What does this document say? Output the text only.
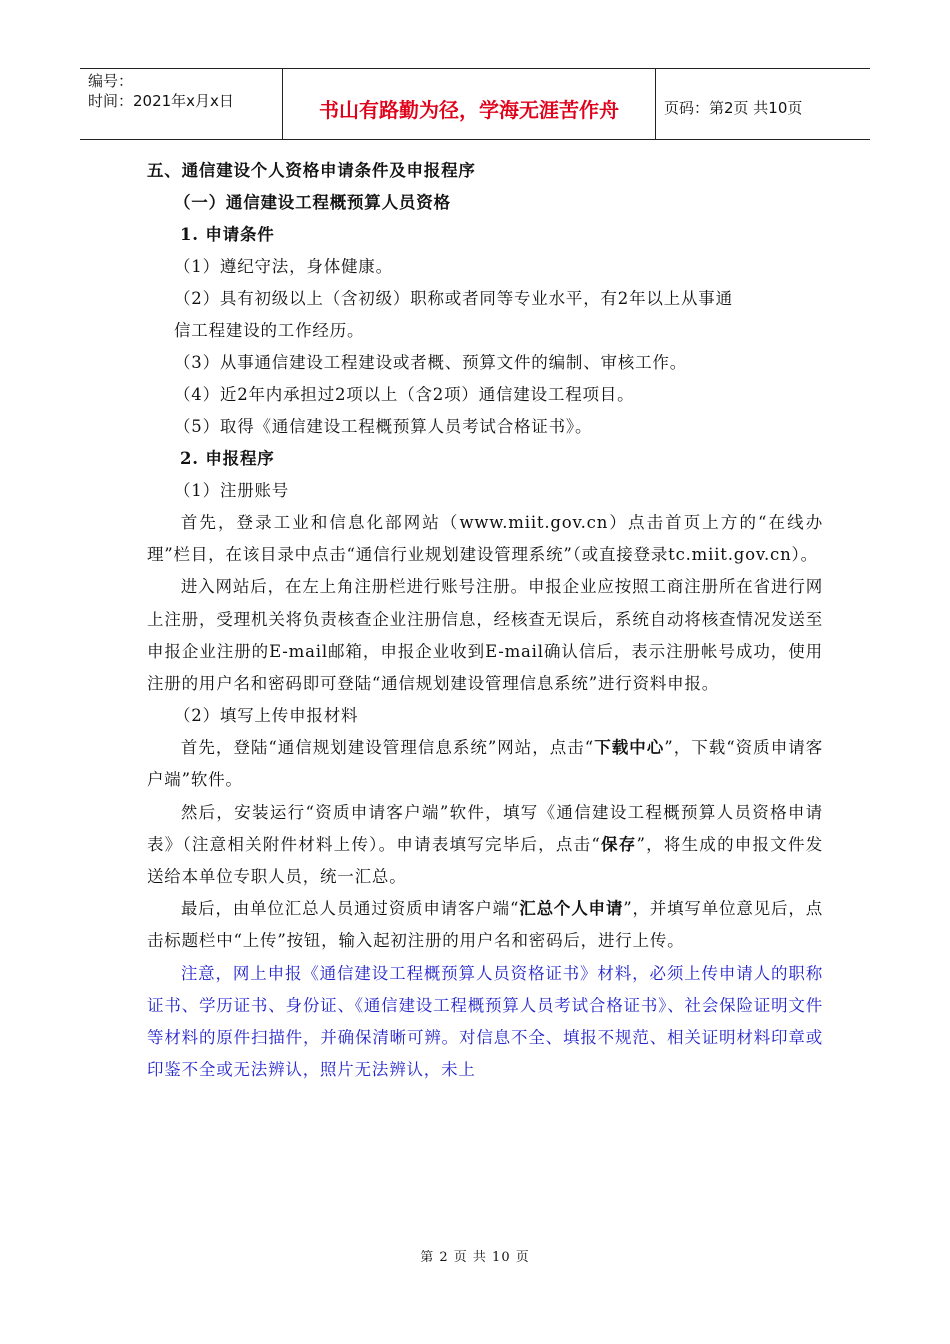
编号：
时间：2021年x月x日	书山有路勤为径，学海无涯苦作舟	页码：第2页 共10页
五、通信建设个人资格申请条件及申报程序
（一）通信建设工程概预算人员资格
1. 申请条件
（1）遵纪守法，身体健康。
（2）具有初级以上（含初级）职称或者同等专业水平，有2年以上从事通
信工程建设的工作经历。
（3）从事通信建设工程建设或者概、预算文件的编制、审核工作。
（4）近2年内承担过2项以上（含2项）通信建设工程项目。
（5）取得《通信建设工程概预算人员考试合格证书》。
2. 申报程序
（1）注册账号
首先，登录工业和信息化部网站（www.miit.gov.cn）点击首页上方的“在线办理”栏目，在该目录中点击“通信行业规划建设管理系统”（或直接登录tc.miit.gov.cn）。
进入网站后，在左上角注册栏进行账号注册。申报企业应按照工商注册所在省进行网上注册，受理机关将负责核查企业注册信息，经核查无误后，系统自动将核查情况发送至申报企业注册的E-mail邮箱，申报企业收到E-mail确认信后，表示注册帐号成功，使用注册的用户名和密码即可登陆“通信规划建设管理信息系统”进行资料申报。
（2）填写上传申报材料
首先，登陆“通信规划建设管理信息系统”网站，点击“下载中心”，下载“资质申请客户端”软件。
然后，安装运行“资质申请客户端”软件，填写《通信建设工程概预算人员资格申请表》（注意相关附件材料上传）。申请表填写完毕后，点击“保存”，将生成的申报文件发送给本单位专职人员，统一汇总。
最后，由单位汇总人员通过资质申请客户端“汇总个人申请”，并填写单位意见后，点击标题栏中“上传”按钮，输入起初注册的用户名和密码后，进行上传。
注意，网上申报《通信建设工程概预算人员资格证书》材料，必须上传申请人的职称证书、学历证书、身份证、《通信建设工程概预算人员考试合格证书》、社会保险证明文件等材料的原件扫描件，并确保清晰可辨。对信息不全、填报不规范、相关证明材料印章或印鉴不全或无法辨认，照片无法辨认，未上
第 2 页 共 10 页
